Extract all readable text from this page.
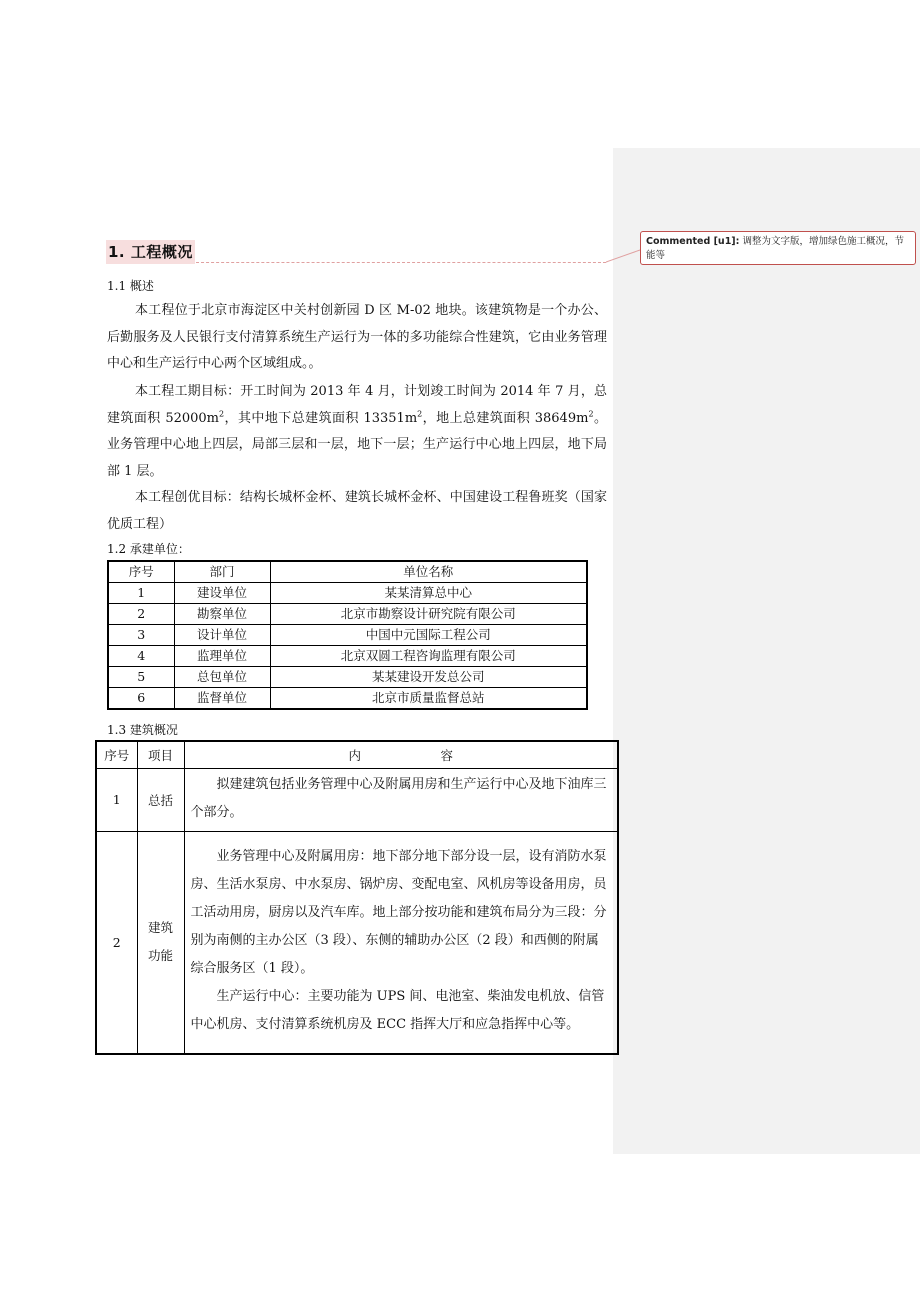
Commented [u1]: 调整为文字版，增加绿色施工概况，节能等
1. 工程概况
1.1 概述
本工程位于北京市海淀区中关村创新园 D 区 M-02 地块。该建筑物是一个办公、后勤服务及人民银行支付清算系统生产运行为一体的多功能综合性建筑，它由业务管理中心和生产运行中心两个区域组成。。
本工程工期目标：开工时间为 2013 年 4 月，计划竣工时间为 2014 年 7 月，总建筑面积 $52000m^2$，其中地下总建筑面积 $13351m^2$，地上总建筑面积 $38649m^2$。业务管理中心地上四层，局部三层和一层，地下一层；生产运行中心地上四层，地下局部 1 层。
本工程创优目标：结构长城杯金杯、建筑长城杯金杯、中国建设工程鲁班奖（国家优质工程）
1.2 承建单位：
序号	部门	单位名称
1	建设单位	某某清算总中心
2	勘察单位	北京市勘察设计研究院有限公司
3	设计单位	中国中元国际工程公司
4	监理单位	北京双圆工程咨询监理有限公司
5	总包单位	某某建设开发总公司
6	监督单位	北京市质量监督总站
1.3 建筑概况
序号	项目	内                    容
1	总括	拟建建筑包括业务管理中心及附属用房和生产运行中心及地下油库三个部分。

2	建筑功能	业务管理中心及附属用房：地下部分地下部分设一层，设有消防水泵房、生活水泵房、中水泵房、锅炉房、变配电室、风机房等设备用房，员工活动用房，厨房以及汽车库。地上部分按功能和建筑布局分为三段：分别为南侧的主办公区（3 段）、东侧的辅助办公区（2 段）和西侧的附属综合服务区（1 段）。

生产运行中心：主要功能为 UPS 间、电池室、柴油发电机放、信管中心机房、支付清算系统机房及 ECC 指挥大厅和应急指挥中心等。
